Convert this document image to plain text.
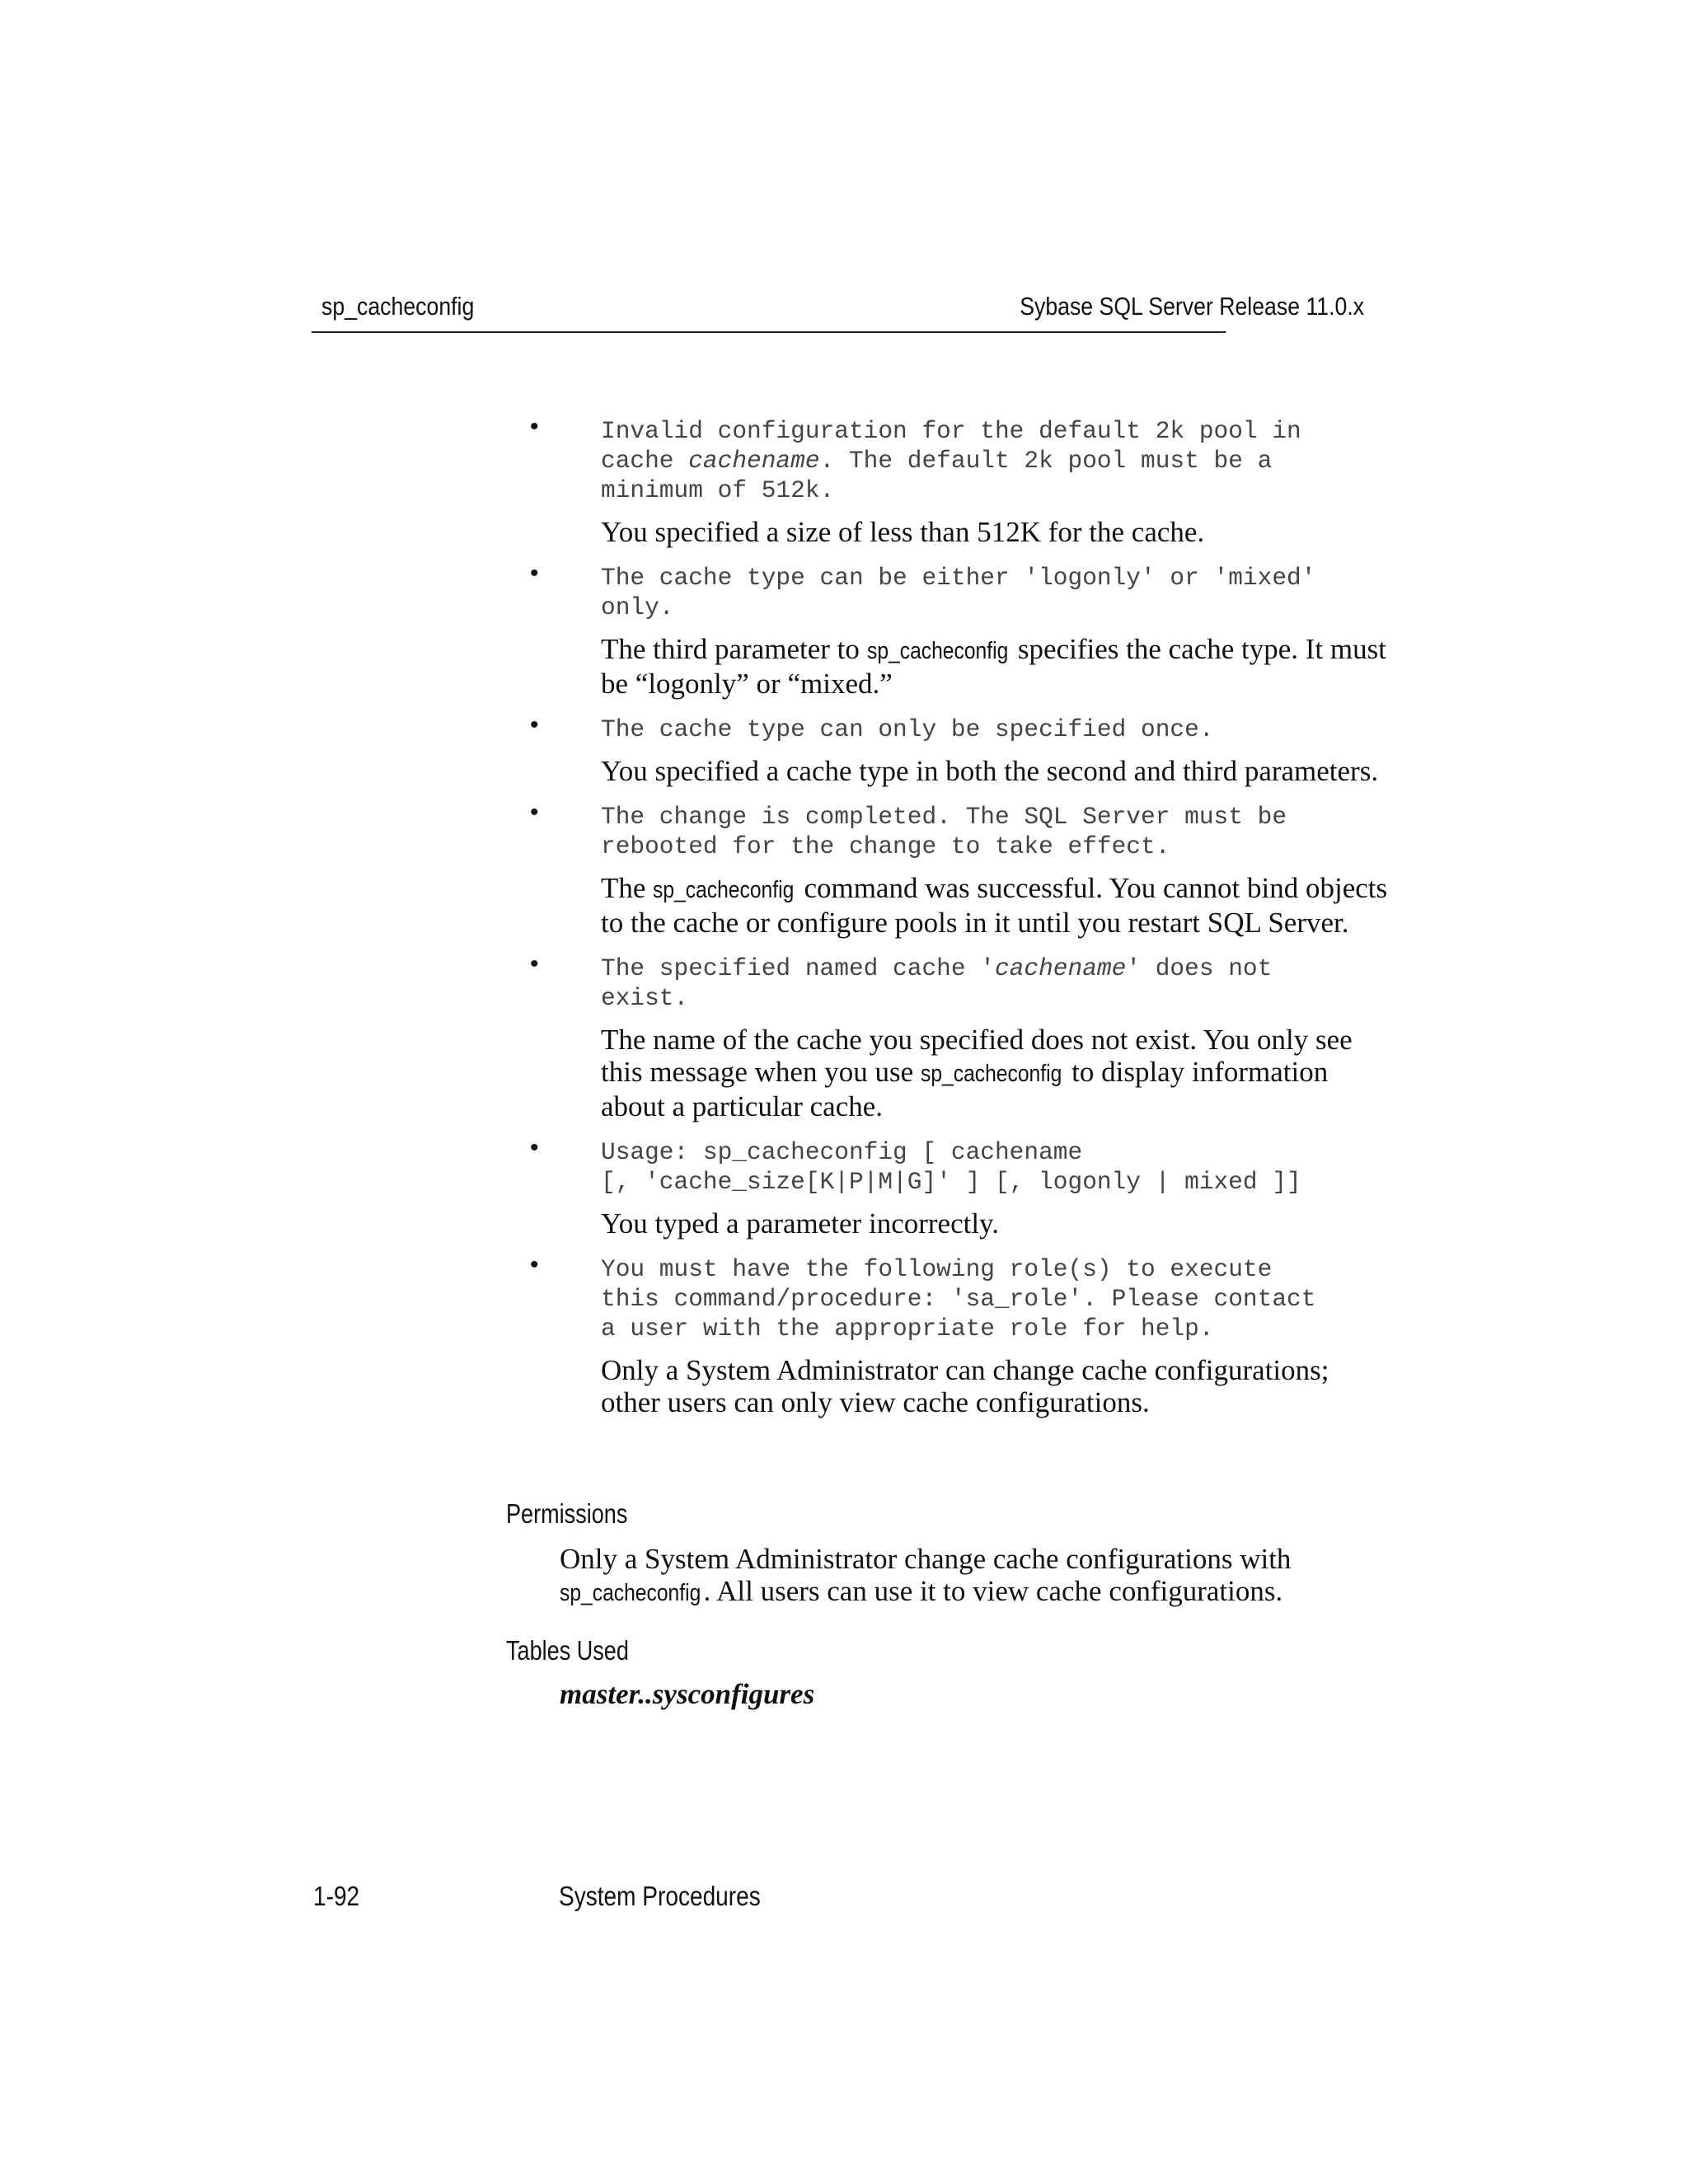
sp_cacheconfig	Sybase SQL Server Release 11.0.x
•	Invalid configuration for the default 2k pool in
cache cachename. The default 2k pool must be a
minimum of 512k.
You specified a size of less than 512K for the cache.
•	The cache type can be either 'logonly' or 'mixed'
only.
The third parameter to sp_cacheconfig specifies the cache type. It must be “logonly” or “mixed.”
•	The cache type can only be specified once.
You specified a cache type in both the second and third parameters.
•	The change is completed. The SQL Server must be
rebooted for the change to take effect.
The sp_cacheconfig command was successful. You cannot bind objects to the cache or configure pools in it until you restart SQL Server.
•	The specified named cache 'cachename' does not
exist.
The name of the cache you specified does not exist. You only see this message when you use sp_cacheconfig to display information about a particular cache.
•	Usage: sp_cacheconfig [ cachename
[, 'cache_size[K|P|M|G]' ] [, logonly | mixed ]]
You typed a parameter incorrectly.
•	You must have the following role(s) to execute
this command/procedure: 'sa_role'. Please contact
a user with the appropriate role for help.
Only a System Administrator can change cache configurations; other users can only view cache configurations.
Permissions
Only a System Administrator change cache configurations with sp_cacheconfig. All users can use it to view cache configurations.
Tables Used
master..sysconfigures
1-92	System Procedures
